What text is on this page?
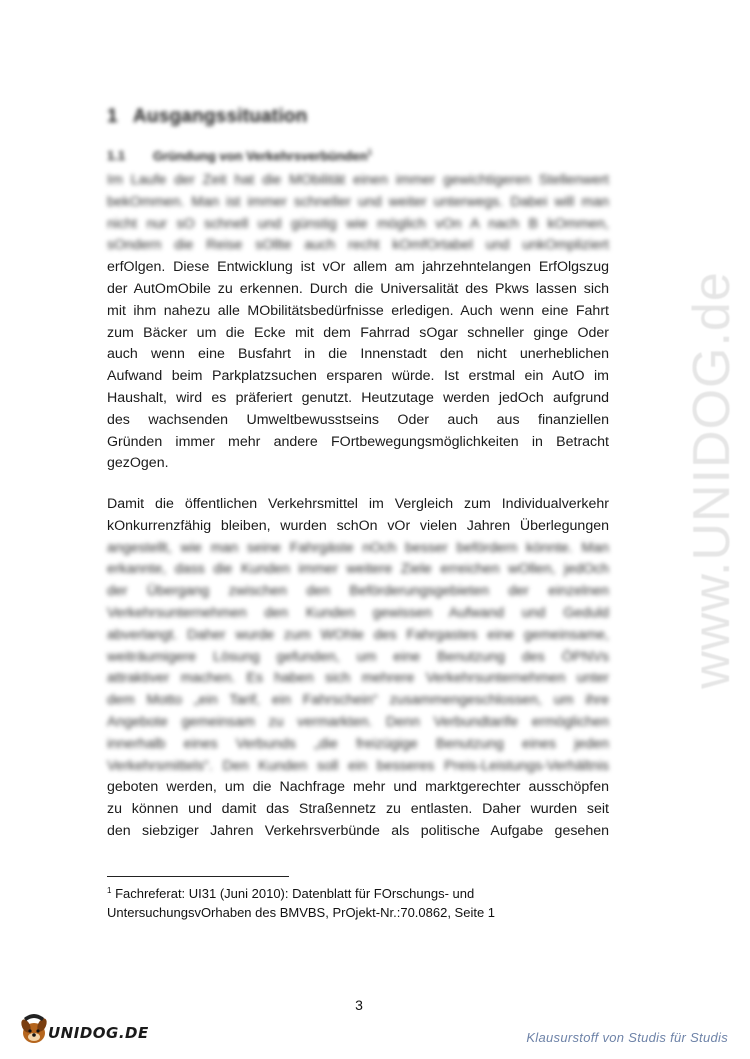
www.UNIDOG.de
1 Ausgangssituation
1.1 Gründung von Verkehrsverbünden$^1$
Im Laufe der Zeit hat die MObilität einen immer gewichtigeren Stellenwert
bekOmmen. Man ist immer schneller und weiter unterwegs. Dabei will man
nicht nur sO schnell und günstig wie möglich vOn A nach B kOmmen,
sOndern die Reise sOllte auch recht kOmfOrtabel und unkOmpliziert
erfOlgen. Diese Entwicklung ist vOr allem am jahrzehntelangen ErfOlgszug
der AutOmObile zu erkennen. Durch die Universalität des Pkws lassen sich
mit ihm nahezu alle MObilitätsbedürfnisse erledigen. Auch wenn eine Fahrt
zum Bäcker um die Ecke mit dem Fahrrad sOgar schneller ginge Oder
auch wenn eine Busfahrt in die Innenstadt den nicht unerheblichen
Aufwand beim Parkplatzsuchen ersparen würde. Ist erstmal ein AutO im
Haushalt, wird es präferiert genutzt. Heutzutage werden jedOch aufgrund
des wachsenden Umweltbewusstseins Oder auch aus finanziellen
Gründen immer mehr andere FOrtbewegungsmöglichkeiten in Betracht
gezOgen.
Damit die öffentlichen Verkehrsmittel im Vergleich zum Individualverkehr
kOnkurrenzfähig bleiben, wurden schOn vOr vielen Jahren Überlegungen
angestellt, wie man seine Fahrgäste nOch besser befördern könnte. Man
erkannte, dass die Kunden immer weitere Ziele erreichen wOllen, jedOch
der Übergang zwischen den Beförderungsgebieten der einzelnen
Verkehrsunternehmen den Kunden gewissen Aufwand und Geduld
abverlangt. Daher wurde zum WOhle des Fahrgastes eine gemeinsame,
weiträumigere Lösung gefunden, um eine Benutzung des ÖPNVs
attraktiver machen. Es haben sich mehrere Verkehrsunternehmen unter
dem Motto „ein Tarif, ein Fahrschein“ zusammengeschlossen, um ihre
Angebote gemeinsam zu vermarkten. Denn Verbundtarife ermöglichen
innerhalb eines Verbunds „die freizügige Benutzung eines jeden
Verkehrsmittels“. Den Kunden soll ein besseres Preis-Leistungs-Verhältnis
geboten werden, um die Nachfrage mehr und marktgerechter ausschöpfen
zu können und damit das Straßennetz zu entlasten. Daher wurden seit
den siebziger Jahren Verkehrsverbünde als politische Aufgabe gesehen
$^1$ Fachreferat: UI31 (Juni 2010): Datenblatt für FOrschungs- und
UntersuchungsvOrhaben des BMVBS, PrOjekt-Nr.:70.0862, Seite 1
3
UNIDOG.DE	Klausurstoff von Studis für Studis
